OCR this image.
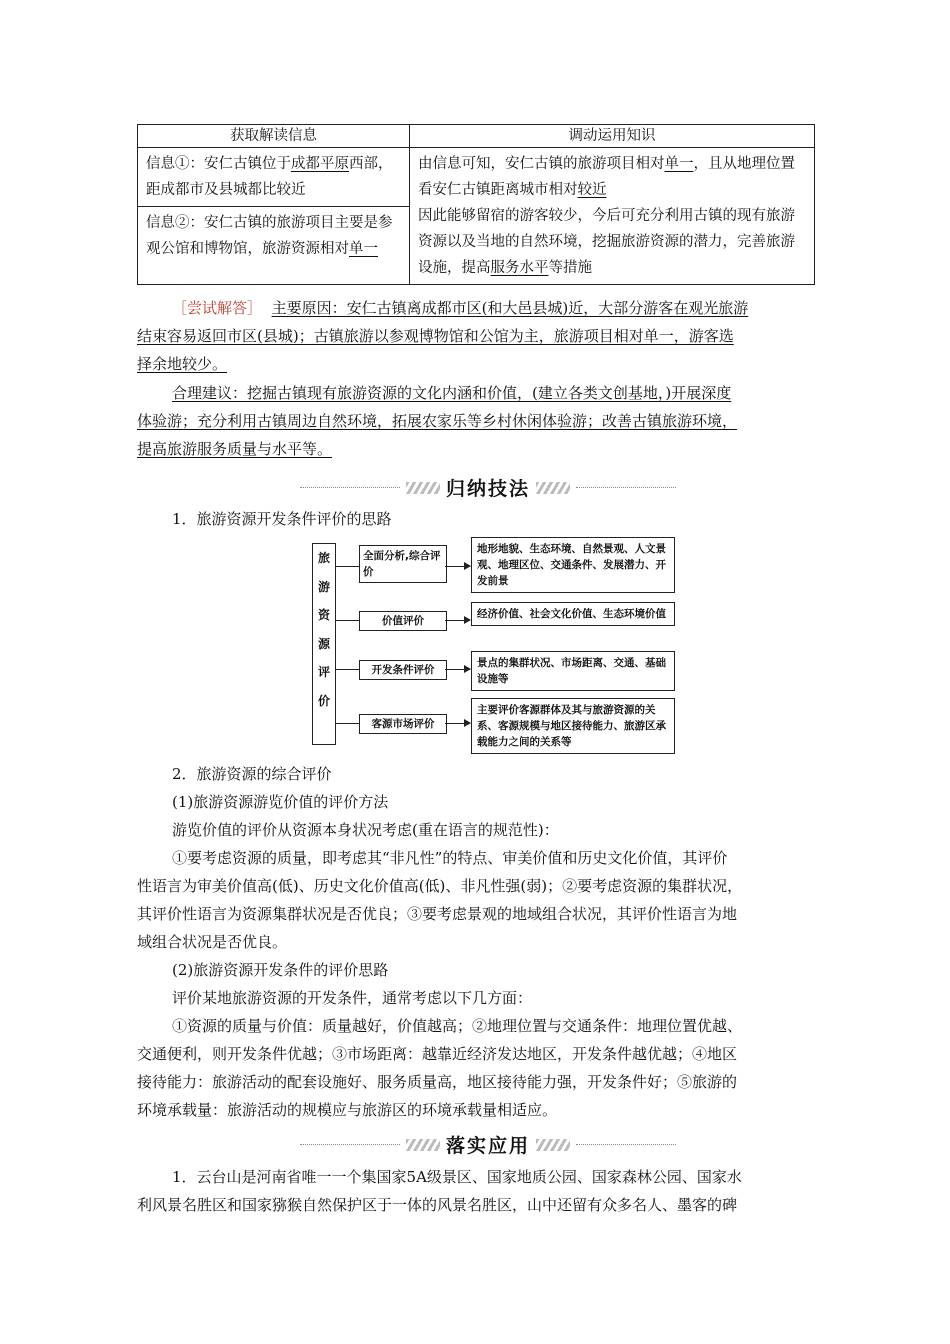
获取解读信息	调动运用知识
信息①：安仁古镇位于成都平原西部，距成都市及县城都比较近	由信息可知，安仁古镇的旅游项目相对单一，且从地理位置看安仁古镇距离城市相对较近
因此能够留宿的游客较少，今后可充分利用古镇的现有旅游资源以及当地的自然环境，挖掘旅游资源的潜力，完善旅游设施，提高服务水平等措施
信息②：安仁古镇的旅游项目主要是参观公馆和博物馆，旅游资源相对单一	
［尝试解答］ 主要原因：安仁古镇离成都市区(和大邑县城)近，大部分游客在观光旅游
结束容易返回市区(县城)；古镇旅游以参观博物馆和公馆为主，旅游项目相对单一，游客选
择余地较少。
合理建议：挖掘古镇现有旅游资源的文化内涵和价值，(建立各类文创基地，)开展深度
体验游；充分利用古镇周边自然环境，拓展农家乐等乡村休闲体验游；改善古镇旅游环境，
提高旅游服务质量与水平等。
归纳技法
1．旅游资源开发条件评价的思路
旅
游
资
源
评
价
全面分析,综合评价
价值评价
开发条件评价
客源市场评价
地形地貌、生态环境、自然景观、人文景观、地理区位、交通条件、发展潜力、开发前景
经济价值、社会文化价值、生态环境价值
景点的集群状况、市场距离、交通、基础设施等
主要评价客源群体及其与旅游资源的关系、客源规模与地区接待能力、旅游区承载能力之间的关系等
2．旅游资源的综合评价
(1)旅游资源游览价值的评价方法
游览价值的评价从资源本身状况考虑(重在语言的规范性)：
①要考虑资源的质量，即考虑其“非凡性”的特点、审美价值和历史文化价值，其评价
性语言为审美价值高(低)、历史文化价值高(低)、非凡性强(弱)；②要考虑资源的集群状况，
其评价性语言为资源集群状况是否优良；③要考虑景观的地域组合状况，其评价性语言为地
域组合状况是否优良。
(2)旅游资源开发条件的评价思路
评价某地旅游资源的开发条件，通常考虑以下几方面：
①资源的质量与价值：质量越好，价值越高；②地理位置与交通条件：地理位置优越、
交通便利，则开发条件优越；③市场距离：越靠近经济发达地区，开发条件越优越；④地区
接待能力：旅游活动的配套设施好、服务质量高，地区接待能力强，开发条件好；⑤旅游的
环境承载量：旅游活动的规模应与旅游区的环境承载量相适应。
落实应用
1．云台山是河南省唯一一个集国家5A级景区、国家地质公园、国家森林公园、国家水
利风景名胜区和国家猕猴自然保护区于一体的风景名胜区，山中还留有众多名人、墨客的碑
